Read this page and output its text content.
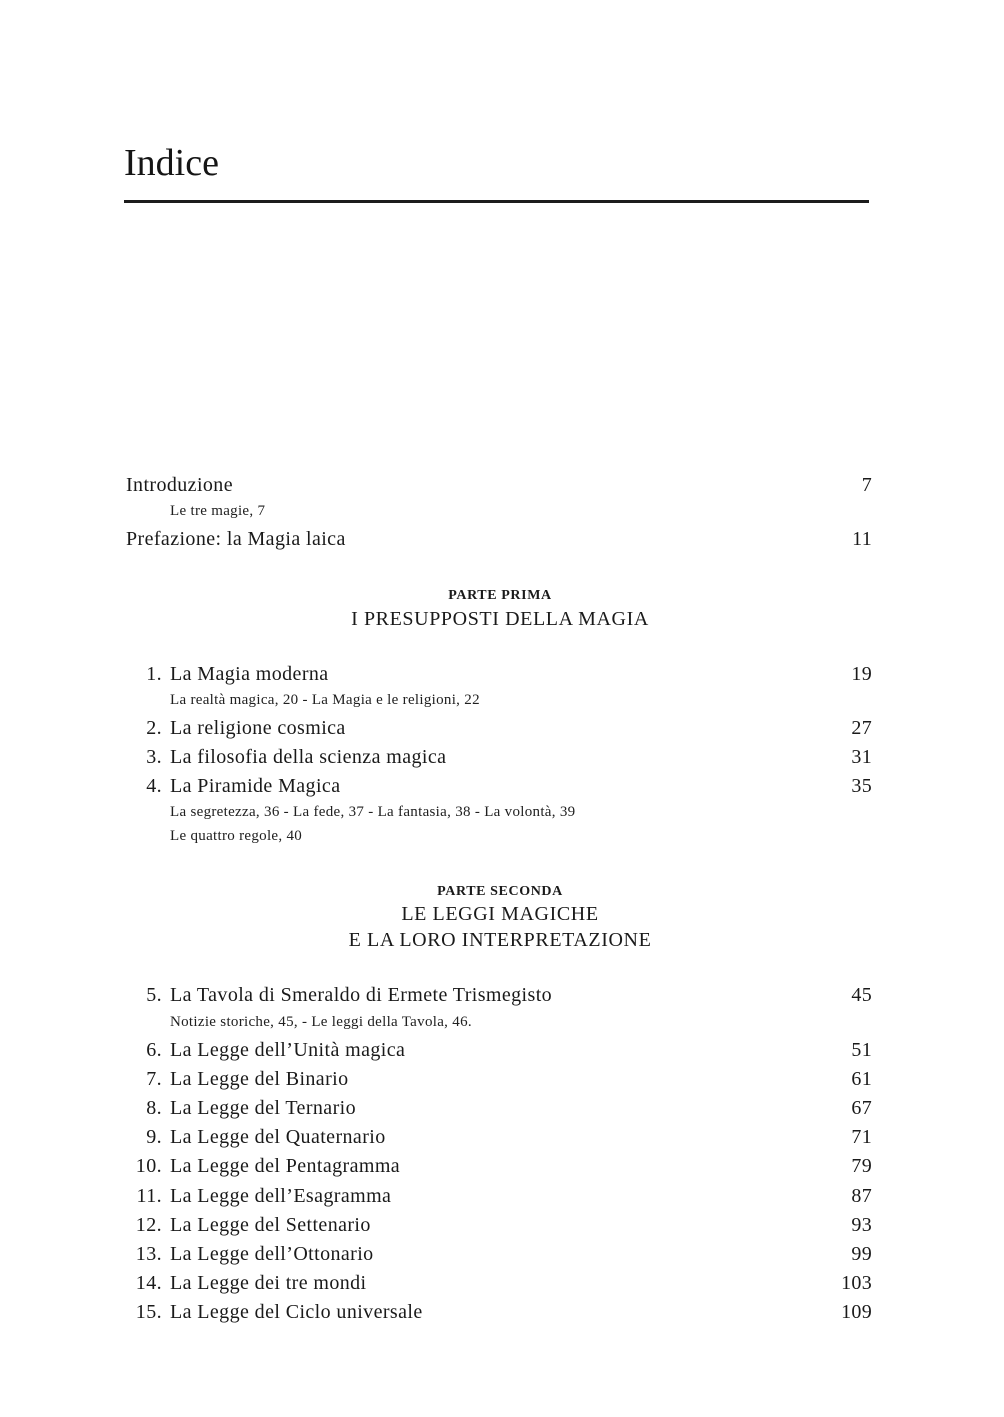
Indice
Introduzione	7
Le tre magie, 7
Prefazione: la Magia laica	11
PARTE PRIMA
I PRESUPPOSTI DELLA MAGIA
1. La Magia moderna	19
La realtà magica, 20 - La Magia e le religioni, 22
2. La religione cosmica	27
3. La filosofia della scienza magica	31
4. La Piramide Magica	35
La segretezza, 36 - La fede, 37 - La fantasia, 38 - La volontà, 39
Le quattro regole, 40
PARTE SECONDA
LE LEGGI MAGICHE
E LA LORO INTERPRETAZIONE
5. La Tavola di Smeraldo di Ermete Trismegisto	45
Notizie storiche, 45, - Le leggi della Tavola, 46.
6. La Legge dell’Unità magica	51
7. La Legge del Binario	61
8. La Legge del Ternario	67
9. La Legge del Quaternario	71
10. La Legge del Pentagramma	79
11. La Legge dell’Esagramma	87
12. La Legge del Settenario	93
13. La Legge dell’Ottonario	99
14. La Legge dei tre mondi	103
15. La Legge del Ciclo universale	109
